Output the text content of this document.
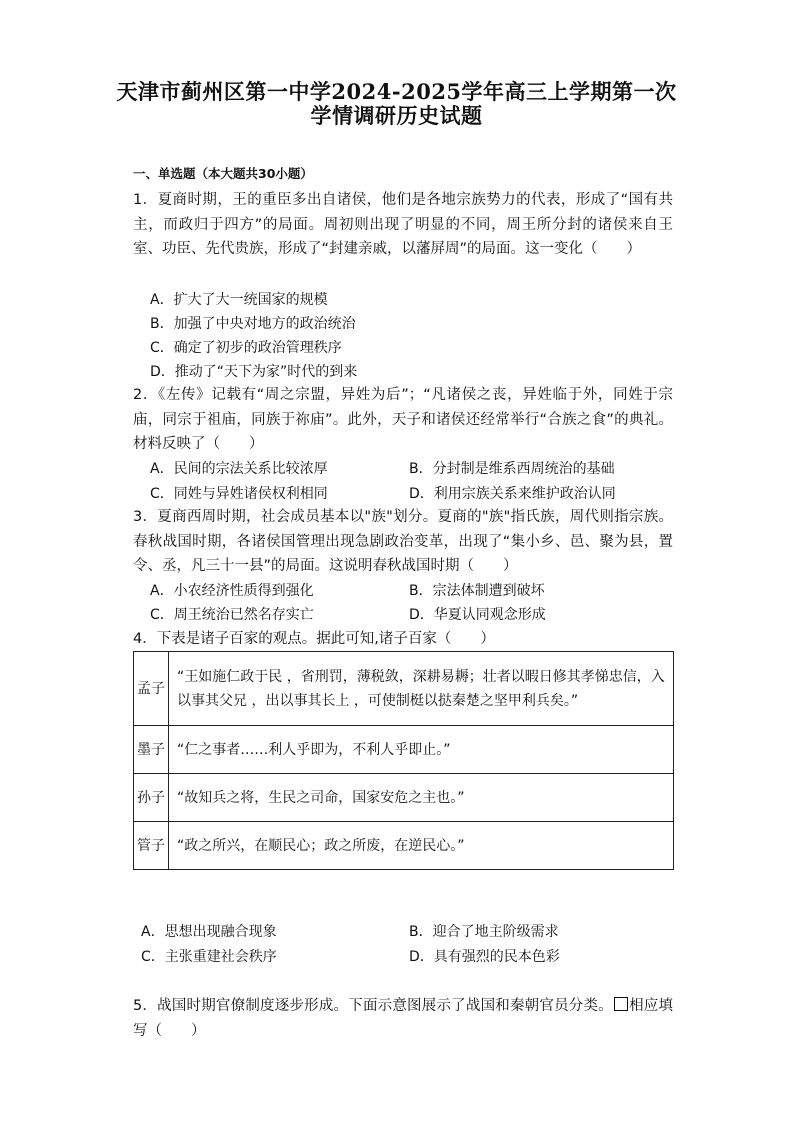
天津市蓟州区第一中学2024-2025学年高三上学期第一次
学情调研历史试题
一、单选题（本大题共30小题）
1．夏商时期，王的重臣多出自诸侯，他们是各地宗族势力的代表，形成了“国有共主，而政归于四方”的局面。周初则出现了明显的不同，周王所分封的诸侯来自王室、功臣、先代贵族，形成了“封建亲戚，以藩屏周”的局面。这一变化（　　）
A．扩大了大一统国家的规模
B．加强了中央对地方的政治统治
C．确定了初步的政治管理秩序
D．推动了“天下为家”时代的到来
2．《左传》记载有“周之宗盟，异姓为后”；“凡诸侯之丧，异姓临于外，同姓于宗庙，同宗于祖庙，同族于祢庙”。此外，天子和诸侯还经常举行“合族之食”的典礼。材料反映了（　　）
A．民间的宗法关系比较浓厚	B．分封制是维系西周统治的基础
C．同姓与异姓诸侯权利相同	D．利用宗族关系来维护政治认同
3．夏商西周时期，社会成员基本以"族"划分。夏商的"族"指氏族，周代则指宗族。春秋战国时期，各诸侯国管理出现急剧政治变革，出现了“集小乡、邑、聚为县，置令、丞，凡三十一县”的局面。这说明春秋战国时期（　　）
A．小农经济性质得到强化	B．宗法体制遭到破坏
C．周王统治已然名存实亡	D．华夏认同观念形成
4．下表是诸子百家的观点。据此可知,诸子百家（　　）
孟子	“王如施仁政于民 ，省刑罚，薄税敛，深耕易耨；壮者以暇日修其孝悌忠信，入以事其父兄 ，出以事其长上 ，可使制梃以挞秦楚之坚甲利兵矣。”
墨子	“仁之事者……利人乎即为，不利人乎即止。”
孙子	“故知兵之将，生民之司命，国家安危之主也。”
管子	“政之所兴，在顺民心；政之所废，在逆民心。”
A．思想出现融合现象	B．迎合了地主阶级需求
C．主张重建社会秩序	D．具有强烈的民本色彩
5．战国时期官僚制度逐步形成。下面示意图展示了战国和秦朝官员分类。 相应填写（　　）
